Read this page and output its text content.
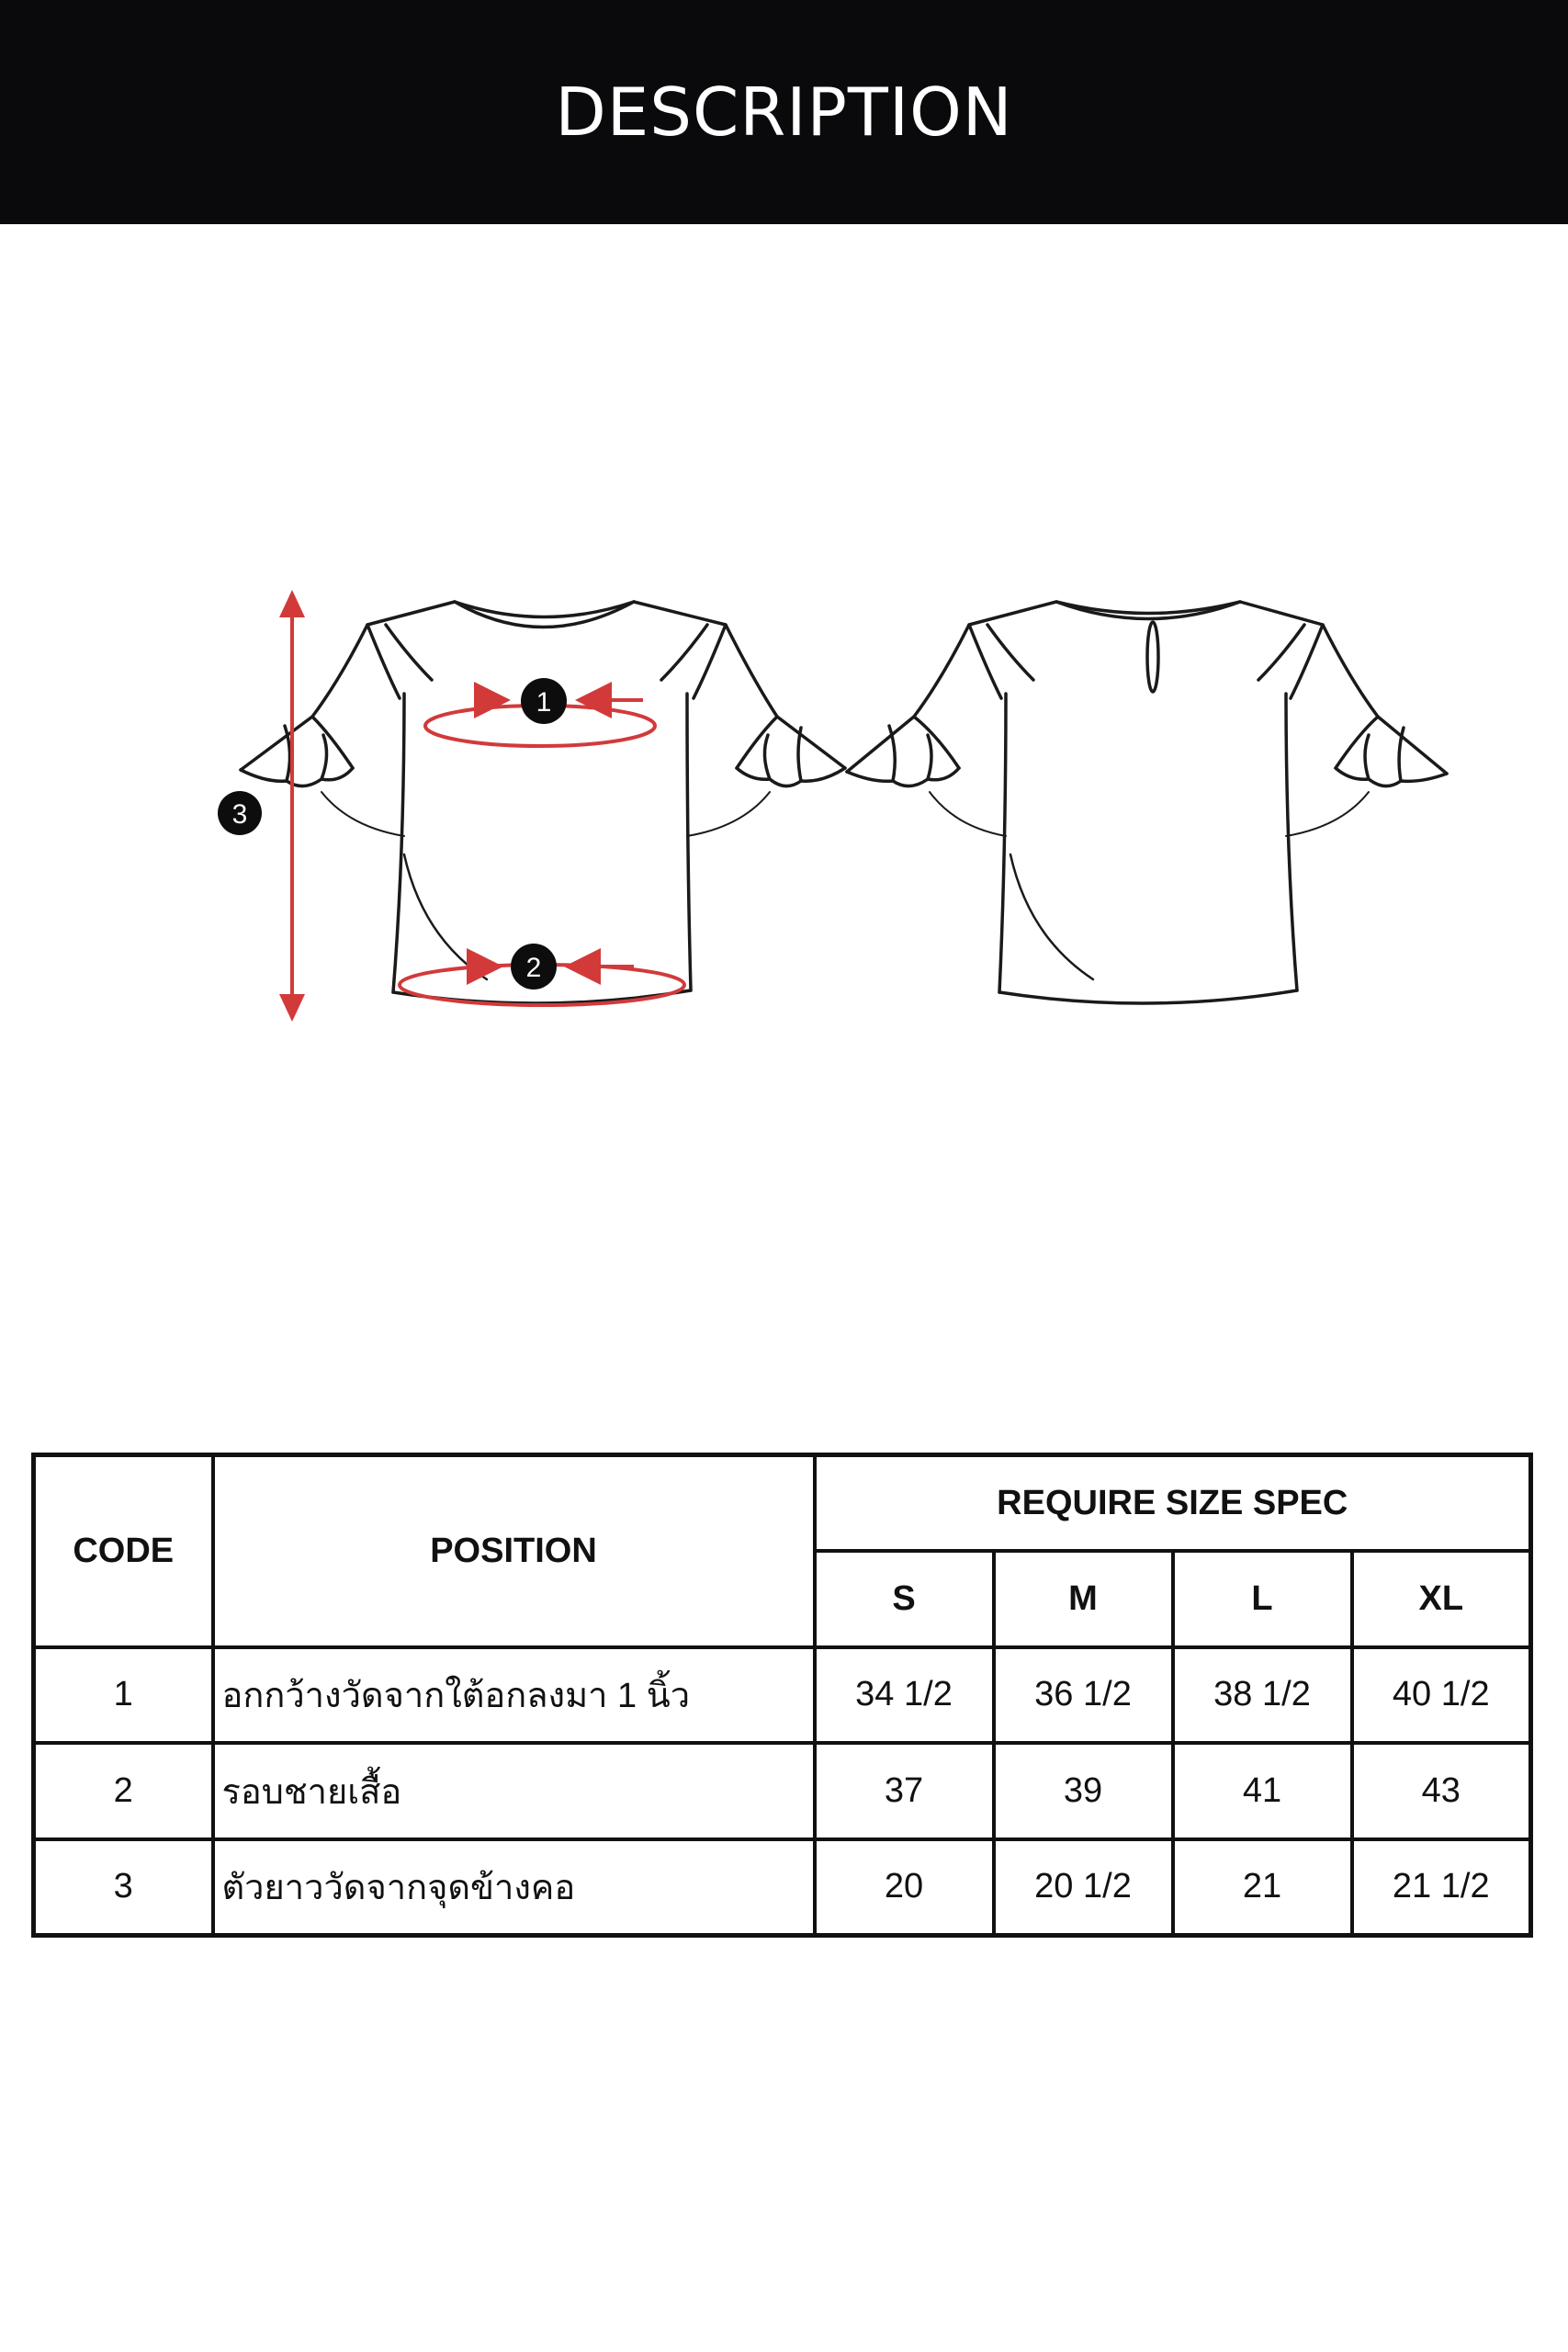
DESCRIPTION
1
2
3
CODE	POSITION	REQUIRE SIZE SPEC			
		S	M	L	XL
1	อกกว้างวัดจากใต้อกลงมา 1 นิ้ว	34 1/2	36 1/2	38 1/2	40 1/2
2	รอบชายเสื้อ	37	39	41	43
3	ตัวยาววัดจากจุดข้างคอ	20	20 1/2	21	21 1/2
